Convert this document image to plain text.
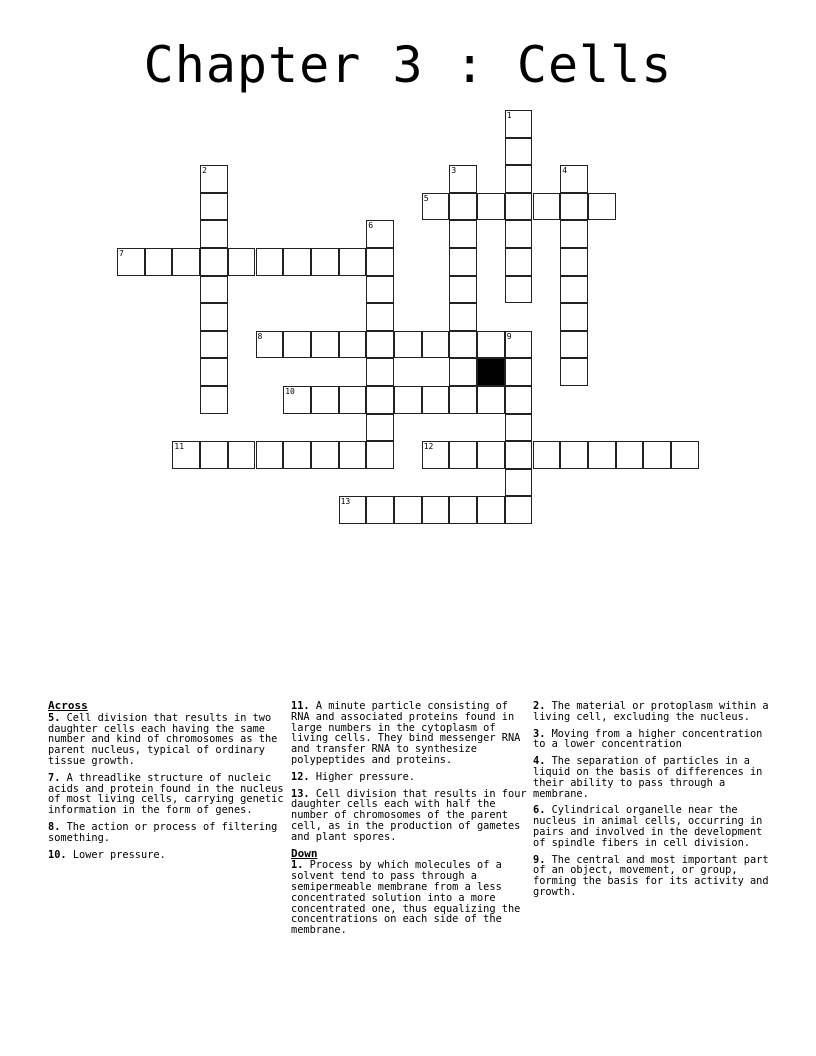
Chapter 3 : Cells
1
2	3	4
5
6
7
8	9
10
11	12
13
Across
5. Cell division that results in two daughter cells each having the same number and kind of chromosomes as the parent nucleus, typical of ordinary tissue growth.
7. A threadlike structure of nucleic acids and protein found in the nucleus of most living cells, carrying genetic information in the form of genes.
8. The action or process of filtering something.
10. Lower pressure.
11. A minute particle consisting of RNA and associated proteins found in large numbers in the cytoplasm of living cells. They bind messenger RNA and transfer RNA to synthesize polypeptides and proteins.
12. Higher pressure.
13. Cell division that results in four daughter cells each with half the number of chromosomes of the parent cell, as in the production of gametes and plant spores.
Down
1. Process by which molecules of a solvent tend to pass through a semipermeable membrane from a less concentrated solution into a more concentrated one, thus equalizing the concentrations on each side of the membrane.
2. The material or protoplasm within a living cell, excluding the nucleus.
3. Moving from a higher concentration to a lower concentration
4. The separation of particles in a liquid on the basis of differences in their ability to pass through a membrane.
6. Cylindrical organelle near the nucleus in animal cells, occurring in pairs and involved in the development of spindle fibers in cell division.
9. The central and most important part of an object, movement, or group, forming the basis for its activity and growth.
